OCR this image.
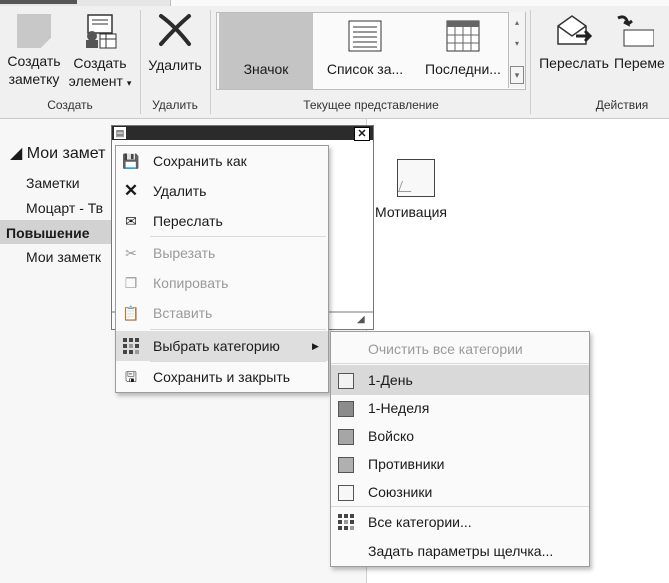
Создать
заметку
Создать
элемент ▾
Создать
Удалить
Удалить
Значок	Список за...	Последни...
▴
▾
▾
Текущее представление
Переслать Переме
Действия
◢ Мои замет
Заметки
Моцарт - Тв
Повышение
Мои заметк
Мотивация
▤	✕
◢
💾 Сохранить как
✕ Удалить
✉ Переслать
✂ Вырезать
❐ Копировать
📋 Вставить
Выбрать категорию	▶
🖫 Сохранить и закрыть
Очистить все категории
1-День
1-Неделя
Войско
Противники
Союзники
Все категории...
Задать параметры щелчка...
